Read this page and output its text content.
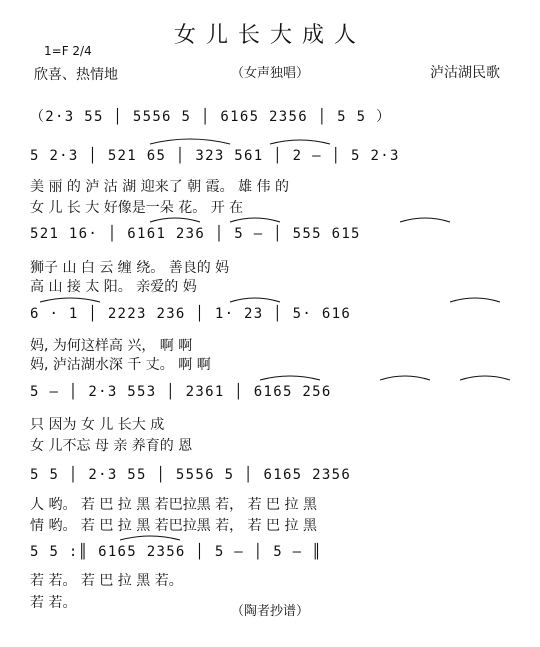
女儿长大成人
1=F 2/4
欣喜、热情地	（女声独唱）	泸沽湖民歌
（2·3 55 │ 5556 5 │ 6165 2356 │ 5 5 ）
5 2·3 │ 521 65 │ 323 561 │ 2 – │ 5 2·3
美 丽 的 泸 沽 湖 迎来了 朝 霞。 雄 伟 的
女 儿 长 大 好像是一朵 花。 开 在
521 16· │ 6161 236 │ 5 – │ 555 615
狮子 山 白 云 缠 绕。 善良的 妈
高 山 接 太 阳。 亲爱的 妈
6 · 1 │ 2223 236 │ 1· 23 │ 5· 616
妈, 为何这样高 兴， 啊 啊
妈, 泸沽湖水深 千 丈。 啊 啊
5 – │ 2·3 553 │ 2361 │ 6165 256
只 因为 女 儿 长大 成
女 儿不忘 母 亲 养育的 恩
5 5 │ 2·3 55 │ 5556 5 │ 6165 2356
人 哟。 若 巴 拉 黑 若巴拉黑 若， 若 巴 拉 黑
情 哟。 若 巴 拉 黑 若巴拉黑 若， 若 巴 拉 黑
5 5 :║ 6165 2356 │ 5 – │ 5 – ║
若 若。 若 巴 拉 黑 若。
若 若。
（陶者抄谱）
